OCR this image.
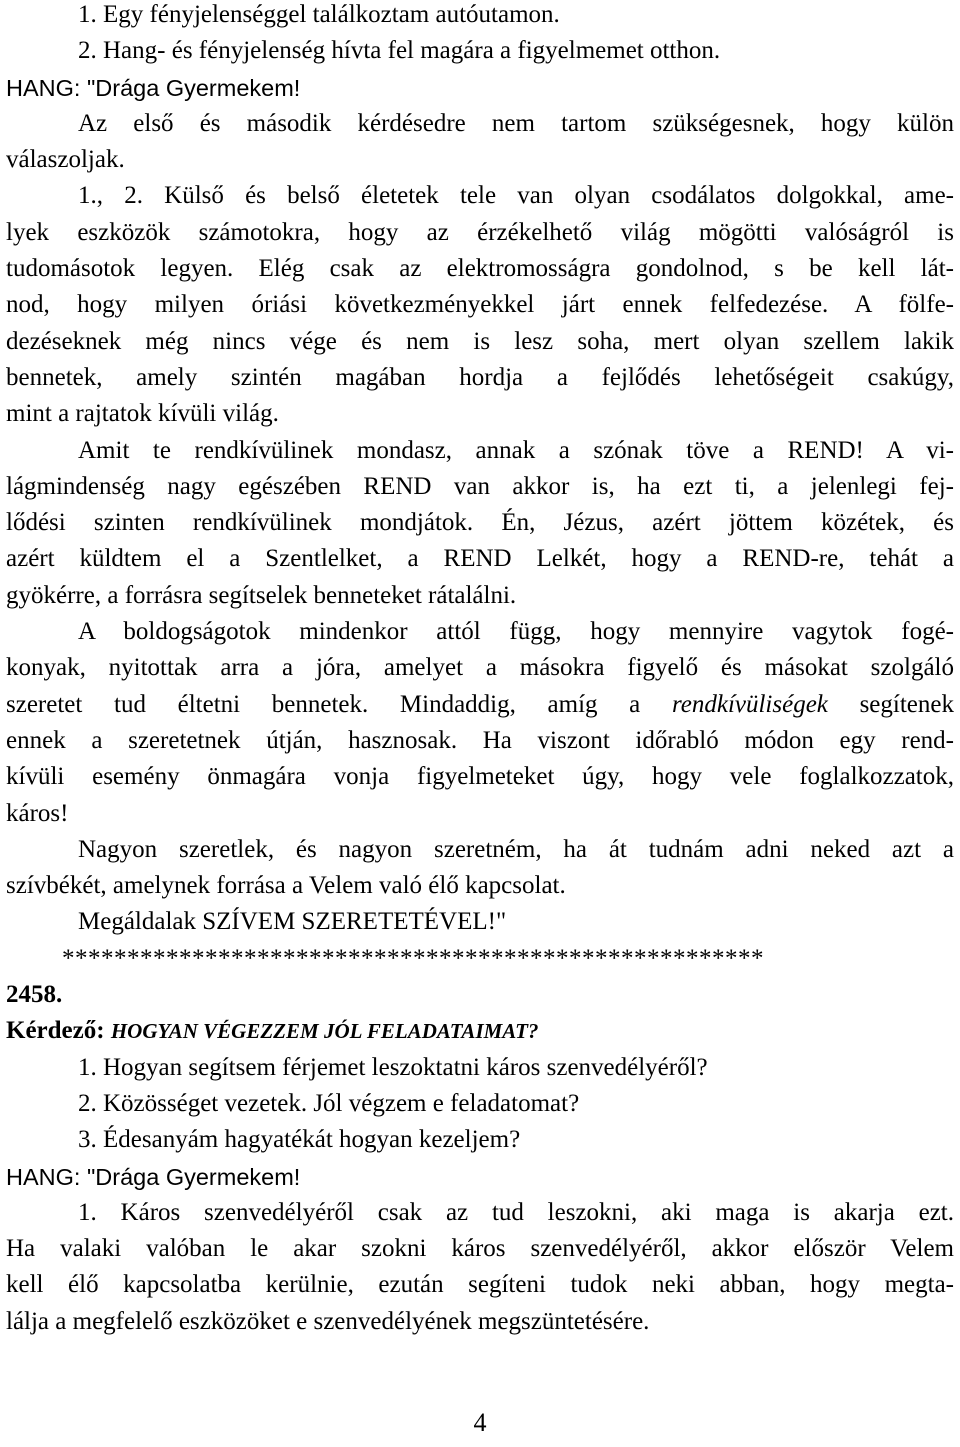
1. Egy fényjelenséggel találkoztam autóutamon.
2. Hang- és fényjelenség hívta fel magára a figyelmemet otthon.
HANG: "Drága Gyermekem!
Az első és második kérdésedre nem tartom szükségesnek, hogy külön
válaszoljak.
1., 2. Külső és belső életetek tele van olyan csodálatos dolgokkal, ame-
lyek eszközök számotokra, hogy az érzékelhető világ mögötti valóságról is
tudomásotok legyen. Elég csak az elektromosságra gondolnod, s be kell lát-
nod, hogy milyen óriási következményekkel járt ennek felfedezése. A fölfe-
dezéseknek még nincs vége és nem is lesz soha, mert olyan szellem lakik
bennetek, amely szintén magában hordja a fejlődés lehetőségeit csakúgy,
mint a rajtatok kívüli világ.
Amit te rendkívülinek mondasz, annak a szónak töve a REND! A vi-
lágmindenség nagy egészében REND van akkor is, ha ezt ti, a jelenlegi fej-
lődési szinten rendkívülinek mondjátok. Én, Jézus, azért jöttem közétek, és
azért küldtem el a Szentlelket, a REND Lelkét, hogy a REND-re, tehát a
gyökérre, a forrásra segítselek benneteket rátalálni.
A boldogságotok mindenkor attól függ, hogy mennyire vagytok fogé-
konyak, nyitottak arra a jóra, amelyet a másokra figyelő és másokat szolgáló
szeretet tud éltetni bennetek. Mindaddig, amíg a rendkívüliségek segítenek
ennek a szeretetnek útján, hasznosak. Ha viszont időrabló módon egy rend-
kívüli esemény önmagára vonja figyelmeteket úgy, hogy vele foglalkozzatok,
káros!
Nagyon szeretlek, és nagyon szeretném, ha át tudnám adni neked azt a
szívbékét, amelynek forrása a Velem való élő kapcsolat.
Megáldalak SZÍVEM SZERETETÉVEL!"
******************************************************
2458.
Kérdező: HOGYAN VÉGEZZEM JÓL FELADATAIMAT?
1. Hogyan segítsem férjemet leszoktatni káros szenvedélyéről?
2. Közösséget vezetek. Jól végzem e feladatomat?
3. Édesanyám hagyatékát hogyan kezeljem?
HANG: "Drága Gyermekem!
1. Káros szenvedélyéről csak az tud leszokni, aki maga is akarja ezt.
Ha valaki valóban le akar szokni káros szenvedélyéről, akkor először Velem
kell élő kapcsolatba kerülnie, ezután segíteni tudok neki abban, hogy megta-
lálja a megfelelő eszközöket e szenvedélyének megszüntetésére.
4
